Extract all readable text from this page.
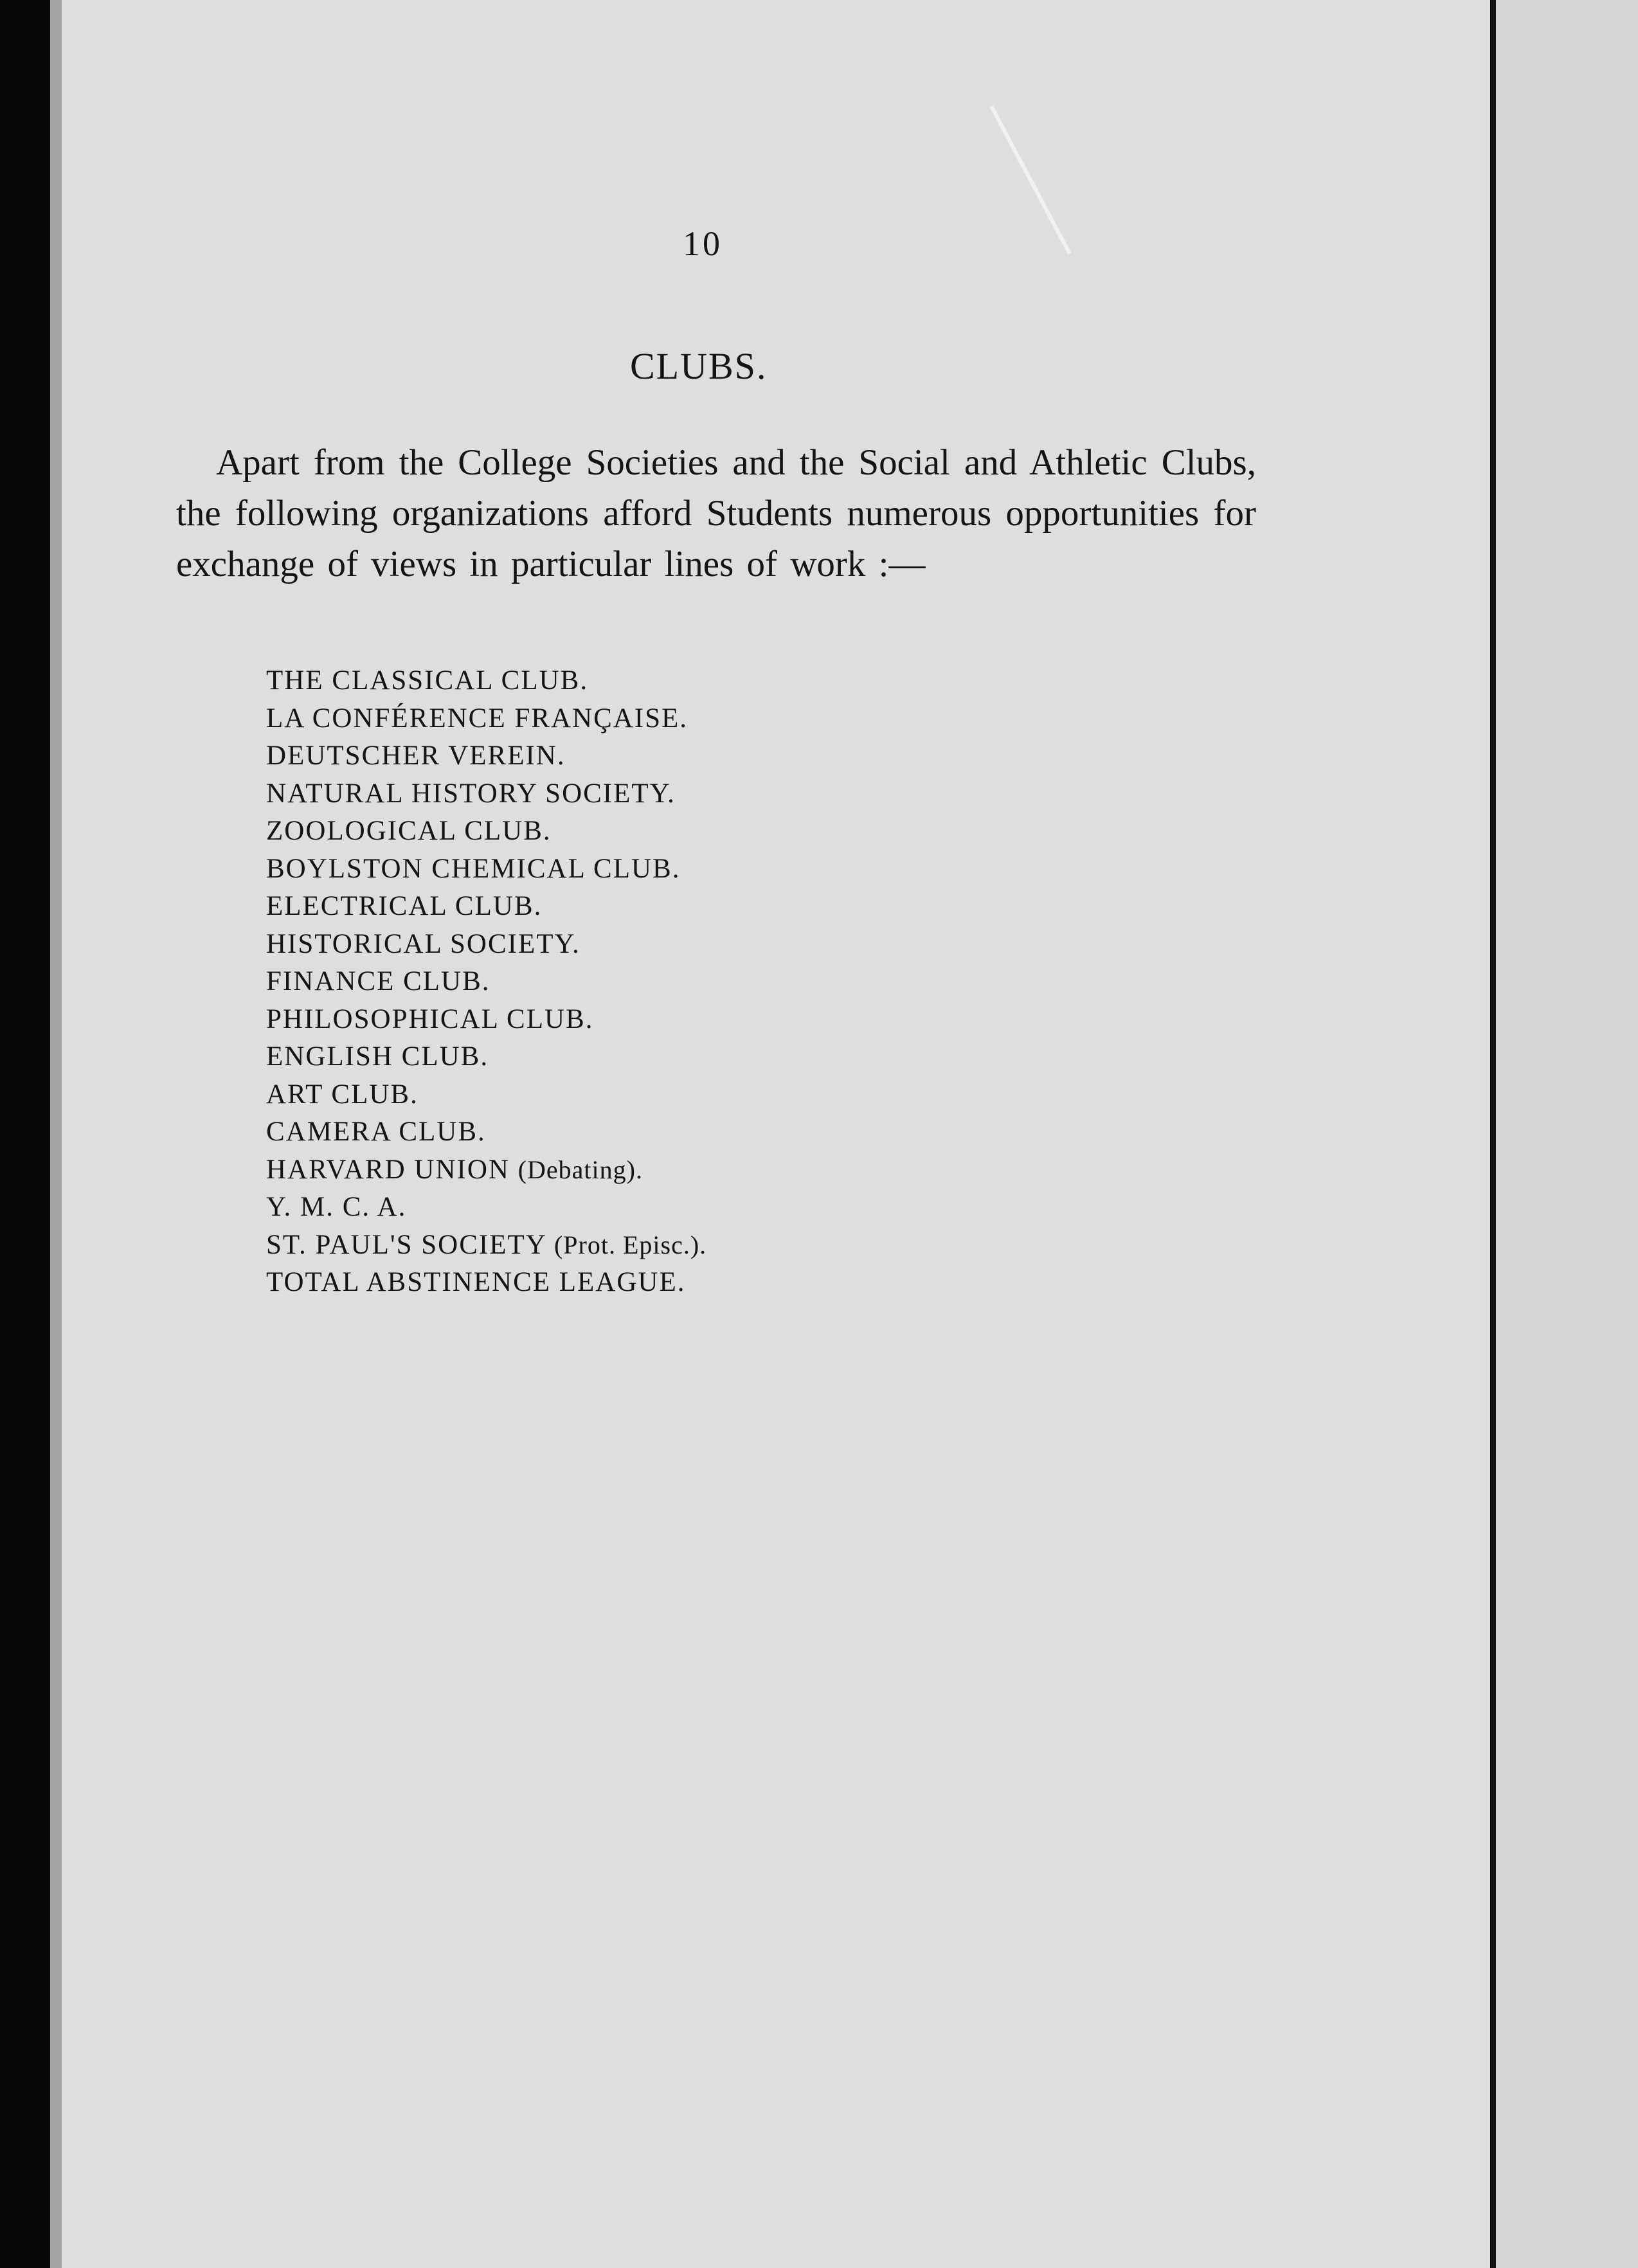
10
CLUBS.

Apart from the College Societies and the Social and Athletic Clubs, the following organizations afford Students numerous opportunities for exchange of views in particular lines of work :—

THE CLASSICAL CLUB.
LA CONFÉRENCE FRANÇAISE.
DEUTSCHER VEREIN.
NATURAL HISTORY SOCIETY.
ZOOLOGICAL CLUB.
BOYLSTON CHEMICAL CLUB.
ELECTRICAL CLUB.
HISTORICAL SOCIETY.
FINANCE CLUB.
PHILOSOPHICAL CLUB.
ENGLISH CLUB.
ART CLUB.
CAMERA CLUB.
HARVARD UNION (Debating).
Y. M. C. A.
ST. PAUL'S SOCIETY (Prot. Episc.).
TOTAL ABSTINENCE LEAGUE.
